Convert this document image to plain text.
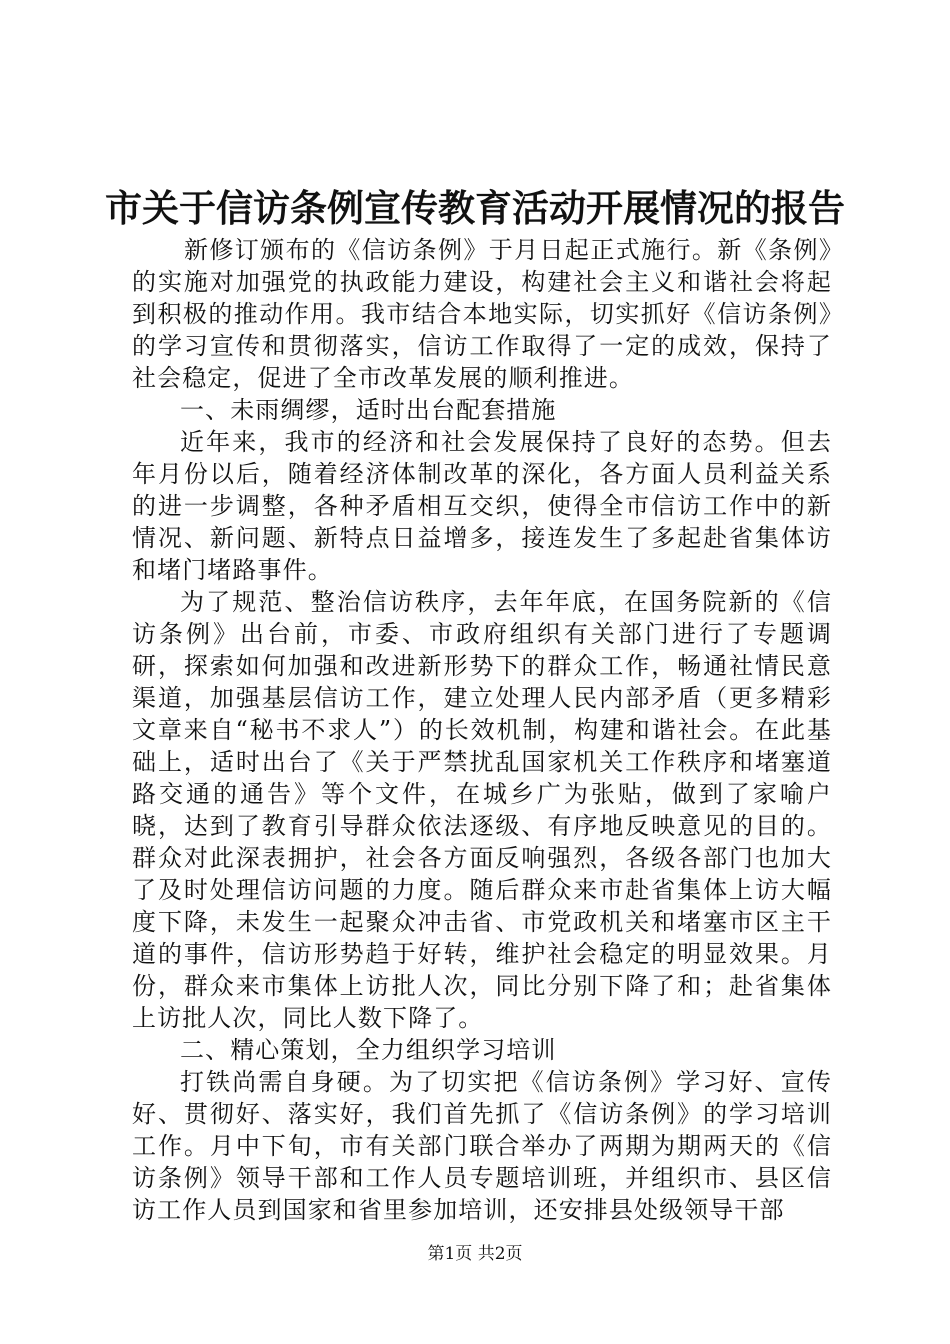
市关于信访条例宣传教育活动开展情况的报告

新修订颁布的《信访条例》于月日起正式施行。新《条例》的实施对加强党的执政能力建设，构建社会主义和谐社会将起到积极的推动作用。我市结合本地实际，切实抓好《信访条例》的学习宣传和贯彻落实，信访工作取得了一定的成效，保持了社会稳定，促进了全市改革发展的顺利推进。

一、未雨绸缪，适时出台配套措施

近年来，我市的经济和社会发展保持了良好的态势。但去年月份以后，随着经济体制改革的深化，各方面人员利益关系的进一步调整，各种矛盾相互交织，使得全市信访工作中的新情况、新问题、新特点日益增多，接连发生了多起赴省集体访和堵门堵路事件。

为了规范、整治信访秩序，去年年底，在国务院新的《信访条例》出台前，市委、市政府组织有关部门进行了专题调研，探索如何加强和改进新形势下的群众工作，畅通社情民意渠道，加强基层信访工作，建立处理人民内部矛盾（更多精彩文章来自“秘书不求人”）的长效机制，构建和谐社会。在此基础上，适时出台了《关于严禁扰乱国家机关工作秩序和堵塞道路交通的通告》等个文件，在城乡广为张贴，做到了家喻户晓，达到了教育引导群众依法逐级、有序地反映意见的目的。群众对此深表拥护，社会各方面反响强烈，各级各部门也加大了及时处理信访问题的力度。随后群众来市赴省集体上访大幅度下降，未发生一起聚众冲击省、市党政机关和堵塞市区主干道的事件，信访形势趋于好转，维护社会稳定的明显效果。月份，群众来市集体上访批人次，同比分别下降了和；赴省集体上访批人次，同比人数下降了。

二、精心策划，全力组织学习培训

打铁尚需自身硬。为了切实把《信访条例》学习好、宣传好、贯彻好、落实好，我们首先抓了《信访条例》的学习培训工作。月中下旬，市有关部门联合举办了两期为期两天的《信访条例》领导干部和工作人员专题培训班，并组织市、县区信访工作人员到国家和省里参加培训，还安排县处级领导干部

第1页 共2页
